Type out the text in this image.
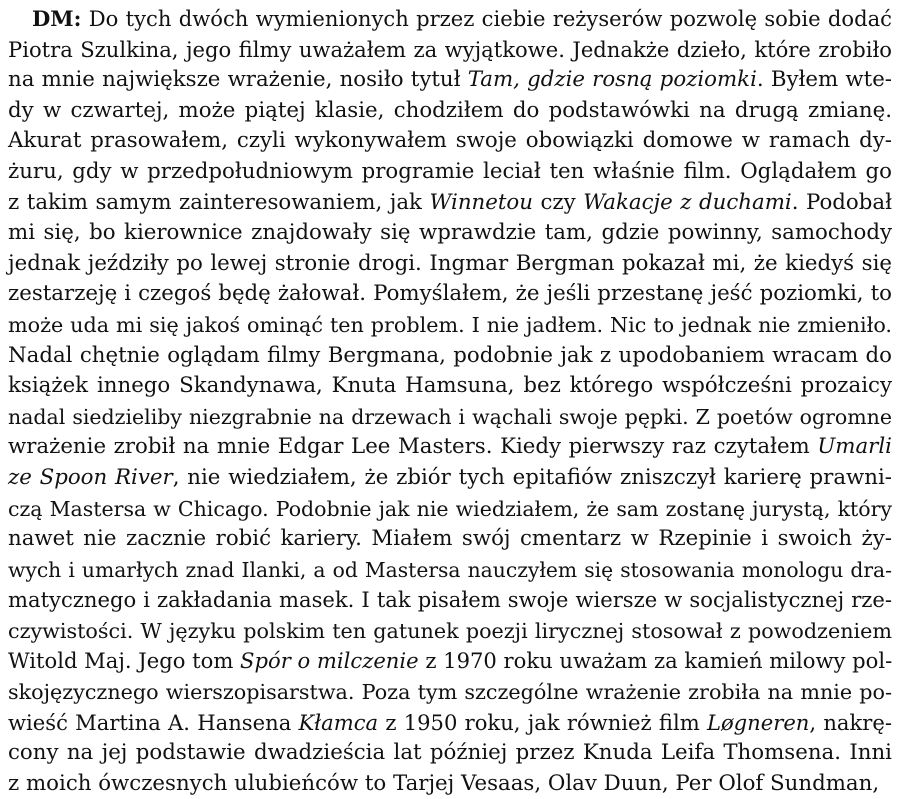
DM: Do tych dwóch wymienionych przez ciebie reżyserów pozwolę sobie dodać
Piotra Szulkina, jego filmy uważałem za wyjątkowe. Jednakże dzieło, które zrobiło
na mnie największe wrażenie, nosiło tytuł Tam, gdzie rosną poziomki. Byłem wte-
dy w czwartej, może piątej klasie, chodziłem do podstawówki na drugą zmianę.
Akurat prasowałem, czyli wykonywałem swoje obowiązki domowe w ramach dy-
żuru, gdy w przedpołudniowym programie leciał ten właśnie film. Oglądałem go
z takim samym zainteresowaniem, jak Winnetou czy Wakacje z duchami. Podobał
mi się, bo kierownice znajdowały się wprawdzie tam, gdzie powinny, samochody
jednak jeździły po lewej stronie drogi. Ingmar Bergman pokazał mi, że kiedyś się
zestarzeję i czegoś będę żałował. Pomyślałem, że jeśli przestanę jeść poziomki, to
może uda mi się jakoś ominąć ten problem. I nie jadłem. Nic to jednak nie zmieniło.
Nadal chętnie oglądam filmy Bergmana, podobnie jak z upodobaniem wracam do
książek innego Skandynawa, Knuta Hamsuna, bez którego współcześni prozaicy
nadal siedzieliby niezgrabnie na drzewach i wąchali swoje pępki. Z poetów ogromne
wrażenie zrobił na mnie Edgar Lee Masters. Kiedy pierwszy raz czytałem Umarli
ze Spoon River, nie wiedziałem, że zbiór tych epitafiów zniszczył karierę prawni-
czą Mastersa w Chicago. Podobnie jak nie wiedziałem, że sam zostanę jurystą, który
nawet nie zacznie robić kariery. Miałem swój cmentarz w Rzepinie i swoich ży-
wych i umarłych znad Ilanki, a od Mastersa nauczyłem się stosowania monologu dra-
matycznego i zakładania masek. I tak pisałem swoje wiersze w socjalistycznej rze-
czywistości. W języku polskim ten gatunek poezji lirycznej stosował z powodzeniem
Witold Maj. Jego tom Spór o milczenie z 1970 roku uważam za kamień milowy pol-
skojęzycznego wierszopisarstwa. Poza tym szczególne wrażenie zrobiła na mnie po-
wieść Martina A. Hansena Kłamca z 1950 roku, jak również film Løgneren, nakrę-
cony na jej podstawie dwadzieścia lat później przez Knuda Leifa Thomsena. Inni
z moich ówczesnych ulubieńców to Tarjej Vesaas, Olav Duun, Per Olof Sundman,
